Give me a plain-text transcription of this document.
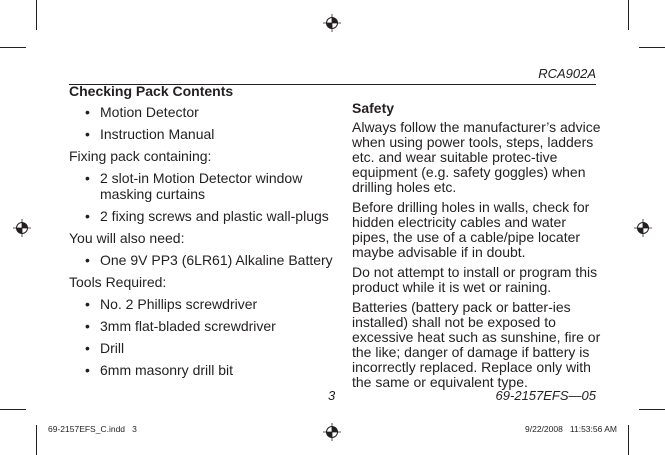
RCA902A
Checking Pack Contents
• Motion Detector
• Instruction Manual

Fixing pack containing:

• 2 slot-in Motion Detector window masking curtains
• 2 fixing screws and plastic wall-plugs

You will also need:

• One 9V PP3 (6LR61) Alkaline Battery

Tools Required:

• No. 2 Phillips screwdriver
• 3mm flat-bladed screwdriver
• Drill
• 6mm masonry drill bit
Safety

Always follow the manufacturer’s advice when using power tools, steps, ladders etc. and wear suitable protec-tive equipment (e.g. safety goggles) when drilling holes etc.

Before drilling holes in walls, check for hidden electricity cables and water pipes, the use of a cable/pipe locater maybe advisable if in doubt.

Do not attempt to install or program this product while it is wet or raining.

Batteries (battery pack or batter-ies installed) shall not be exposed to excessive heat such as sunshine, fire or the like; danger of damage if battery is incorrectly replaced. Replace only with the same or equivalent type.

3	69-2157EFS—05
69-2157EFS_C.indd   3	9/22/2008   11:53:56 AM
